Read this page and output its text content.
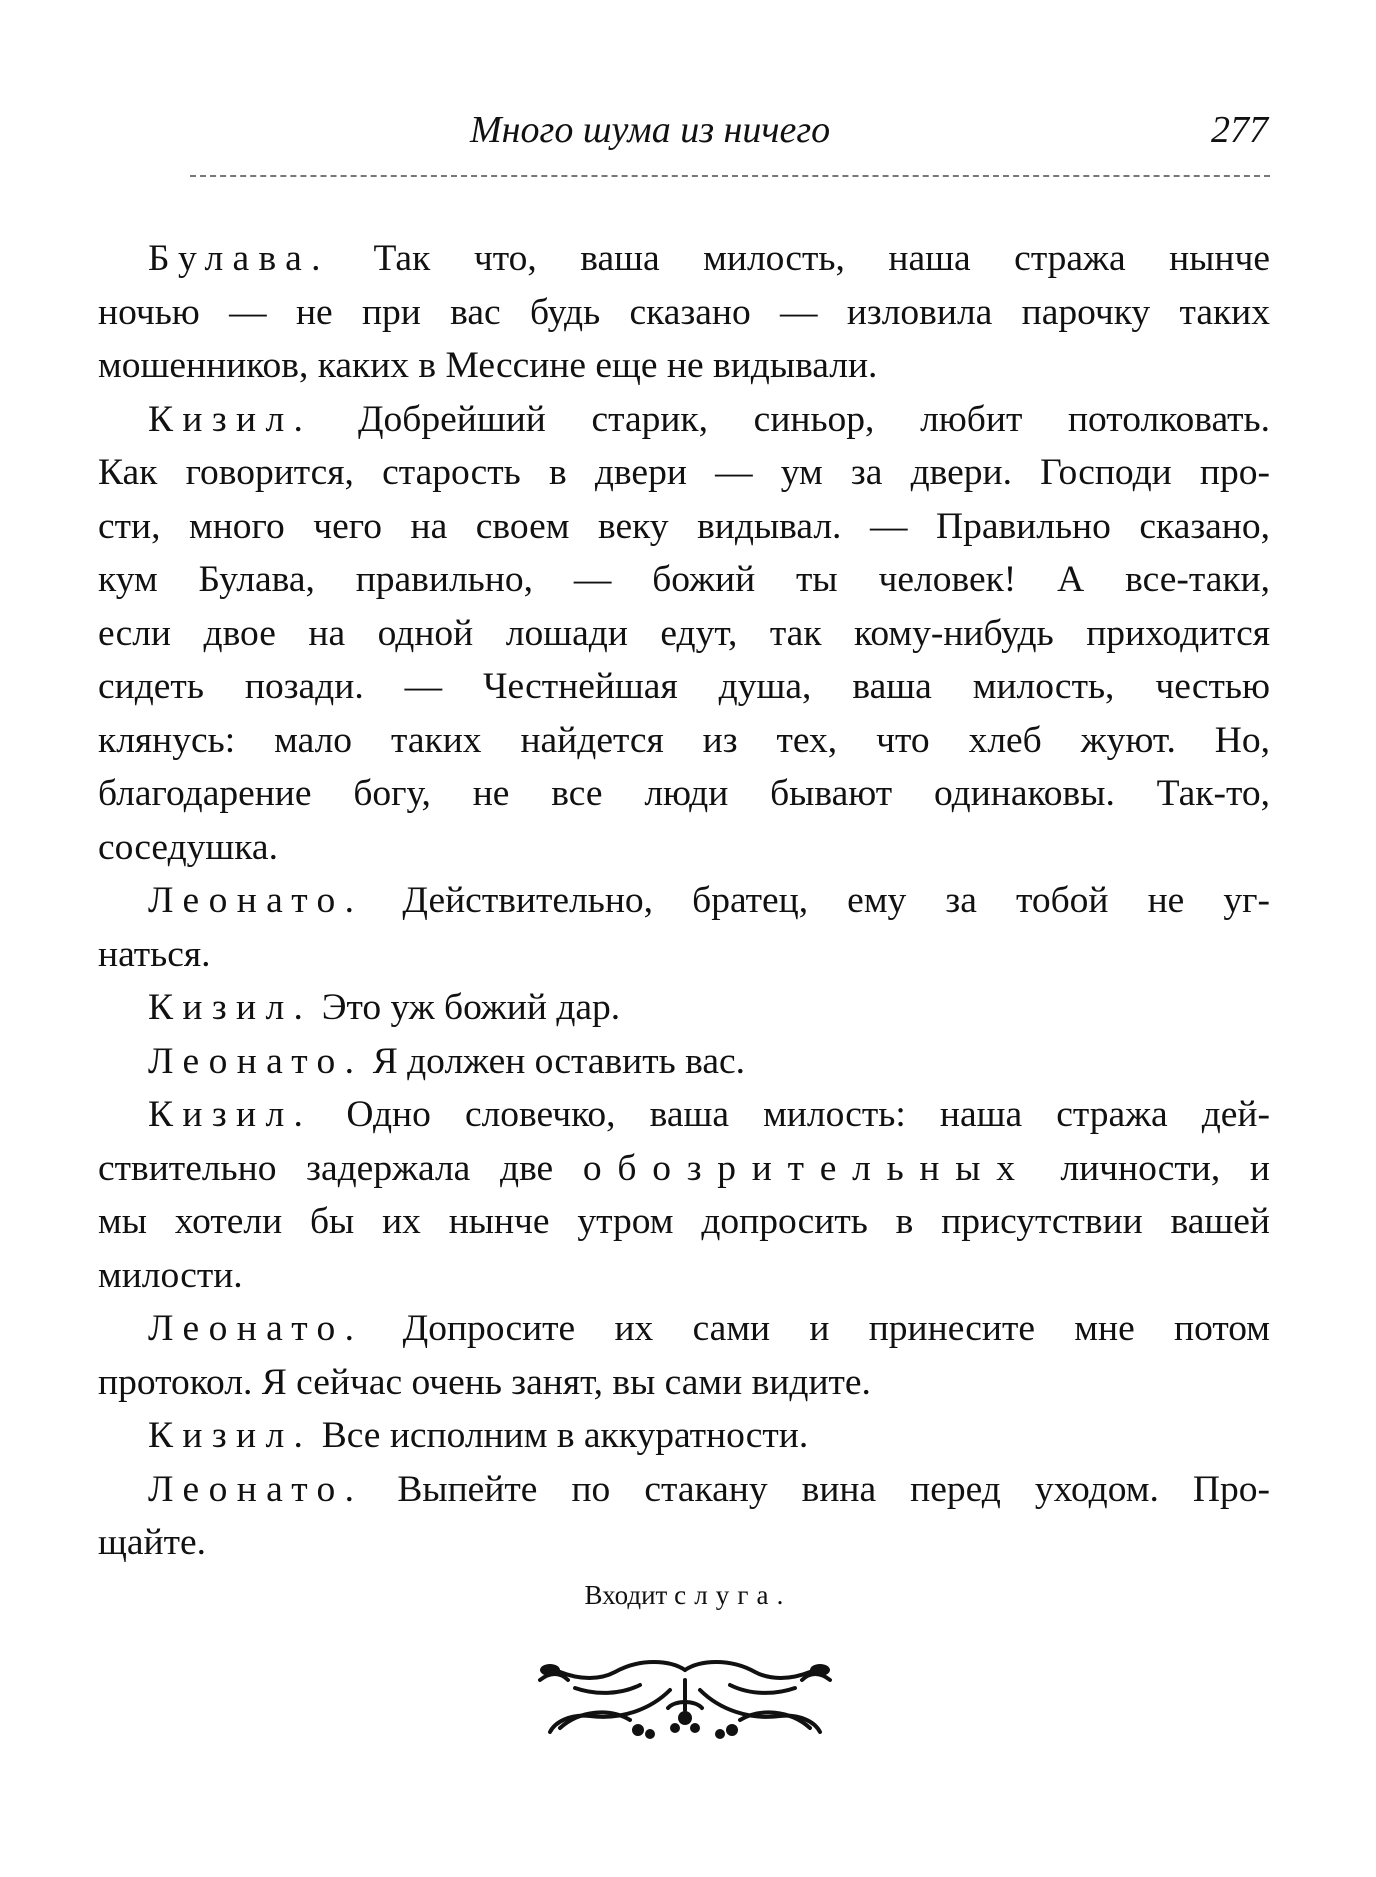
Много шума из ничего	277
Булава. Так что, ваша милость, наша стража нынче
ночью — не при вас будь сказано — изловила парочку таких
мошенников, каких в Мессине еще не видывали.
Кизил. Добрейший старик, синьор, любит потолковать.
Как говорится, старость в двери — ум за двери. Господи про-
сти, много чего на своем веку видывал. — Правильно сказано,
кум Булава, правильно, — божий ты человек! А все-таки,
если двое на одной лошади едут, так кому-нибудь приходится
сидеть позади. — Честнейшая душа, ваша милость, честью
клянусь: мало таких найдется из тех, что хлеб жуют. Но,
благодарение богу, не все люди бывают одинаковы. Так-то,
соседушка.
Леонато. Действительно, братец, ему за тобой не уг-
наться.
Кизил. Это уж божий дар.
Леонато. Я должен оставить вас.
Кизил. Одно словечко, ваша милость: наша стража дей-
ствительно задержала две обозрительных личности, и
мы хотели бы их нынче утром допросить в присутствии вашей
милости.
Леонато. Допросите их сами и принесите мне потом
протокол. Я сейчас очень занят, вы сами видите.
Кизил. Все исполним в аккуратности.
Леонато. Выпейте по стакану вина перед уходом. Про-
щайте.
Входит слуга.
